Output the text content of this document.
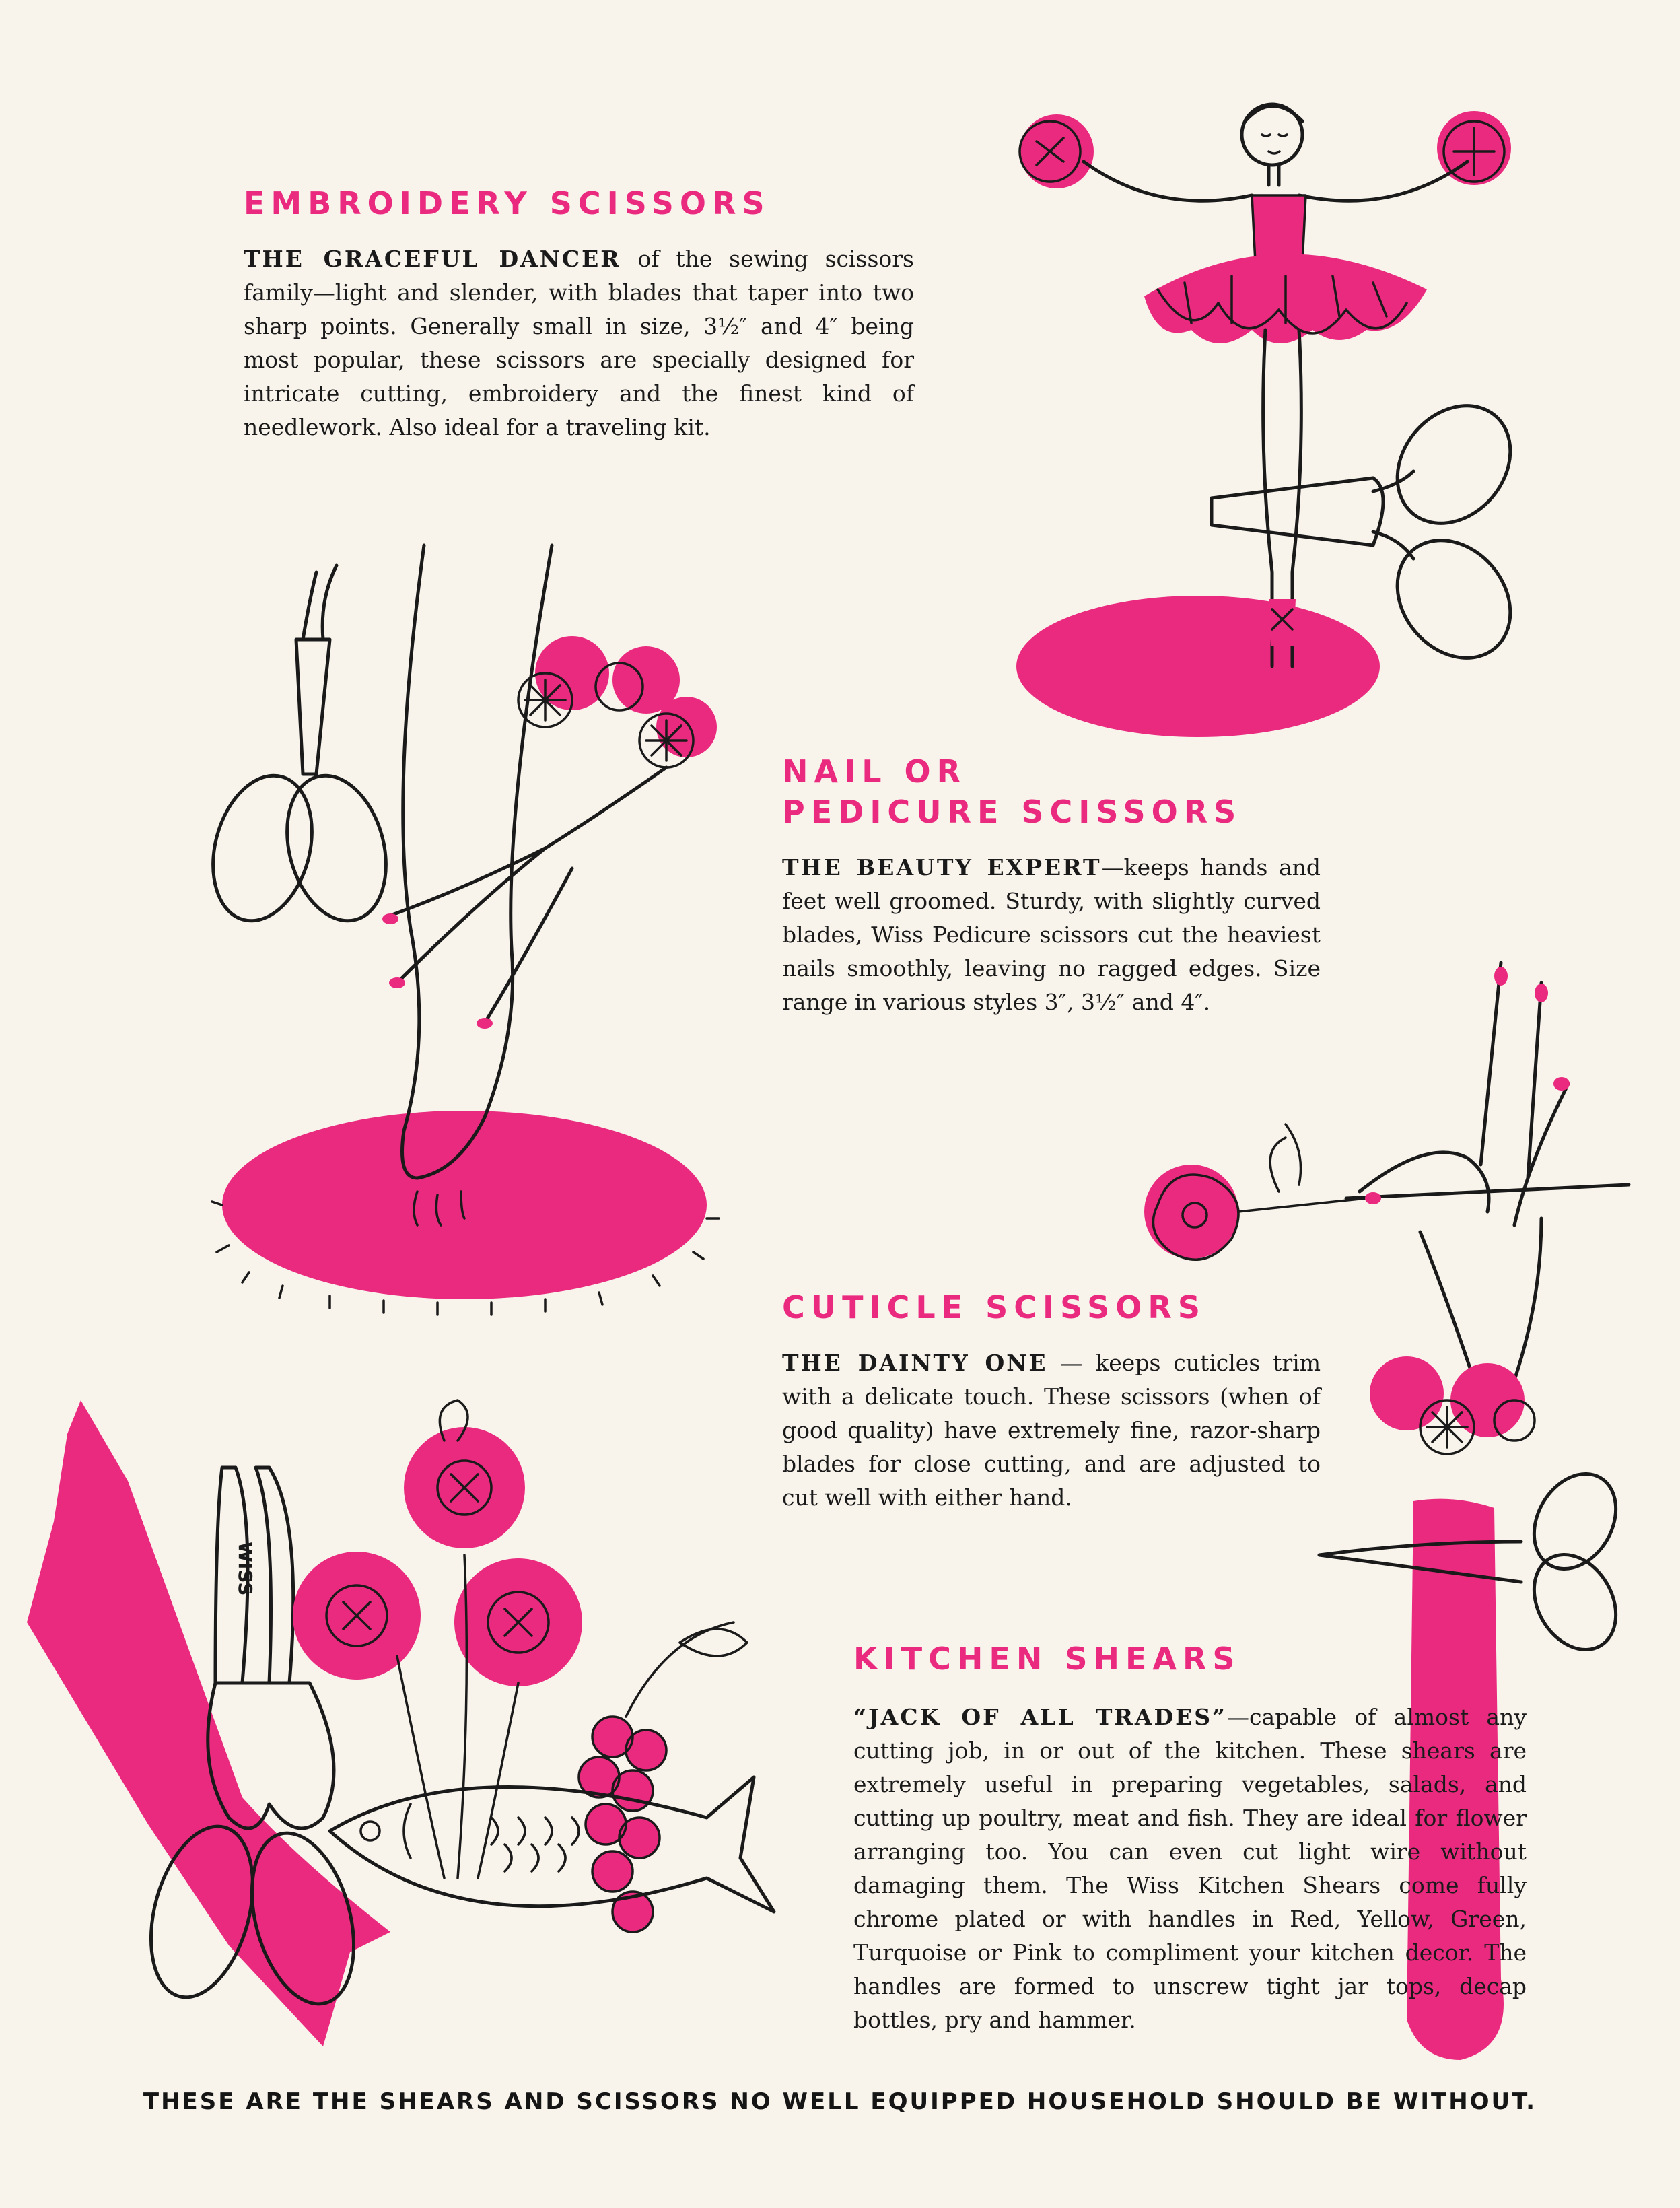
WISS
EMBROIDERY SCISSORS

THE GRACEFUL DANCER of the sewing scissors family—light and slender, with blades that taper into two sharp points. Generally small in size, 3½″ and 4″ being most popular, these scissors are specially designed for intricate cutting, embroidery and the finest kind of needlework. Also ideal for a traveling kit.

NAIL OR
PEDICURE SCISSORS

THE BEAUTY EXPERT—keeps hands and feet well groomed. Sturdy, with slightly curved blades, Wiss Pedicure scissors cut the heaviest nails smoothly, leaving no ragged edges. Size range in various styles 3″, 3½″ and 4″.

CUTICLE SCISSORS

THE DAINTY ONE — keeps cuticles trim with a delicate touch. These scissors (when of good quality) have extremely fine, razor-sharp blades for close cutting, and are adjusted to cut well with either hand.

KITCHEN SHEARS

“JACK OF ALL TRADES”—capable of almost any cutting job, in or out of the kitchen. These shears are extremely useful in preparing vegetables, salads, and cutting up poultry, meat and fish. They are ideal for flower arranging too. You can even cut light wire without damaging them. The Wiss Kitchen Shears come fully chrome plated or with handles in Red, Yellow, Green, Turquoise or Pink to compliment your kitchen decor. The handles are formed to unscrew tight jar tops, decap bottles, pry and hammer.

THESE ARE THE SHEARS AND SCISSORS NO WELL EQUIPPED HOUSEHOLD SHOULD BE WITHOUT.
